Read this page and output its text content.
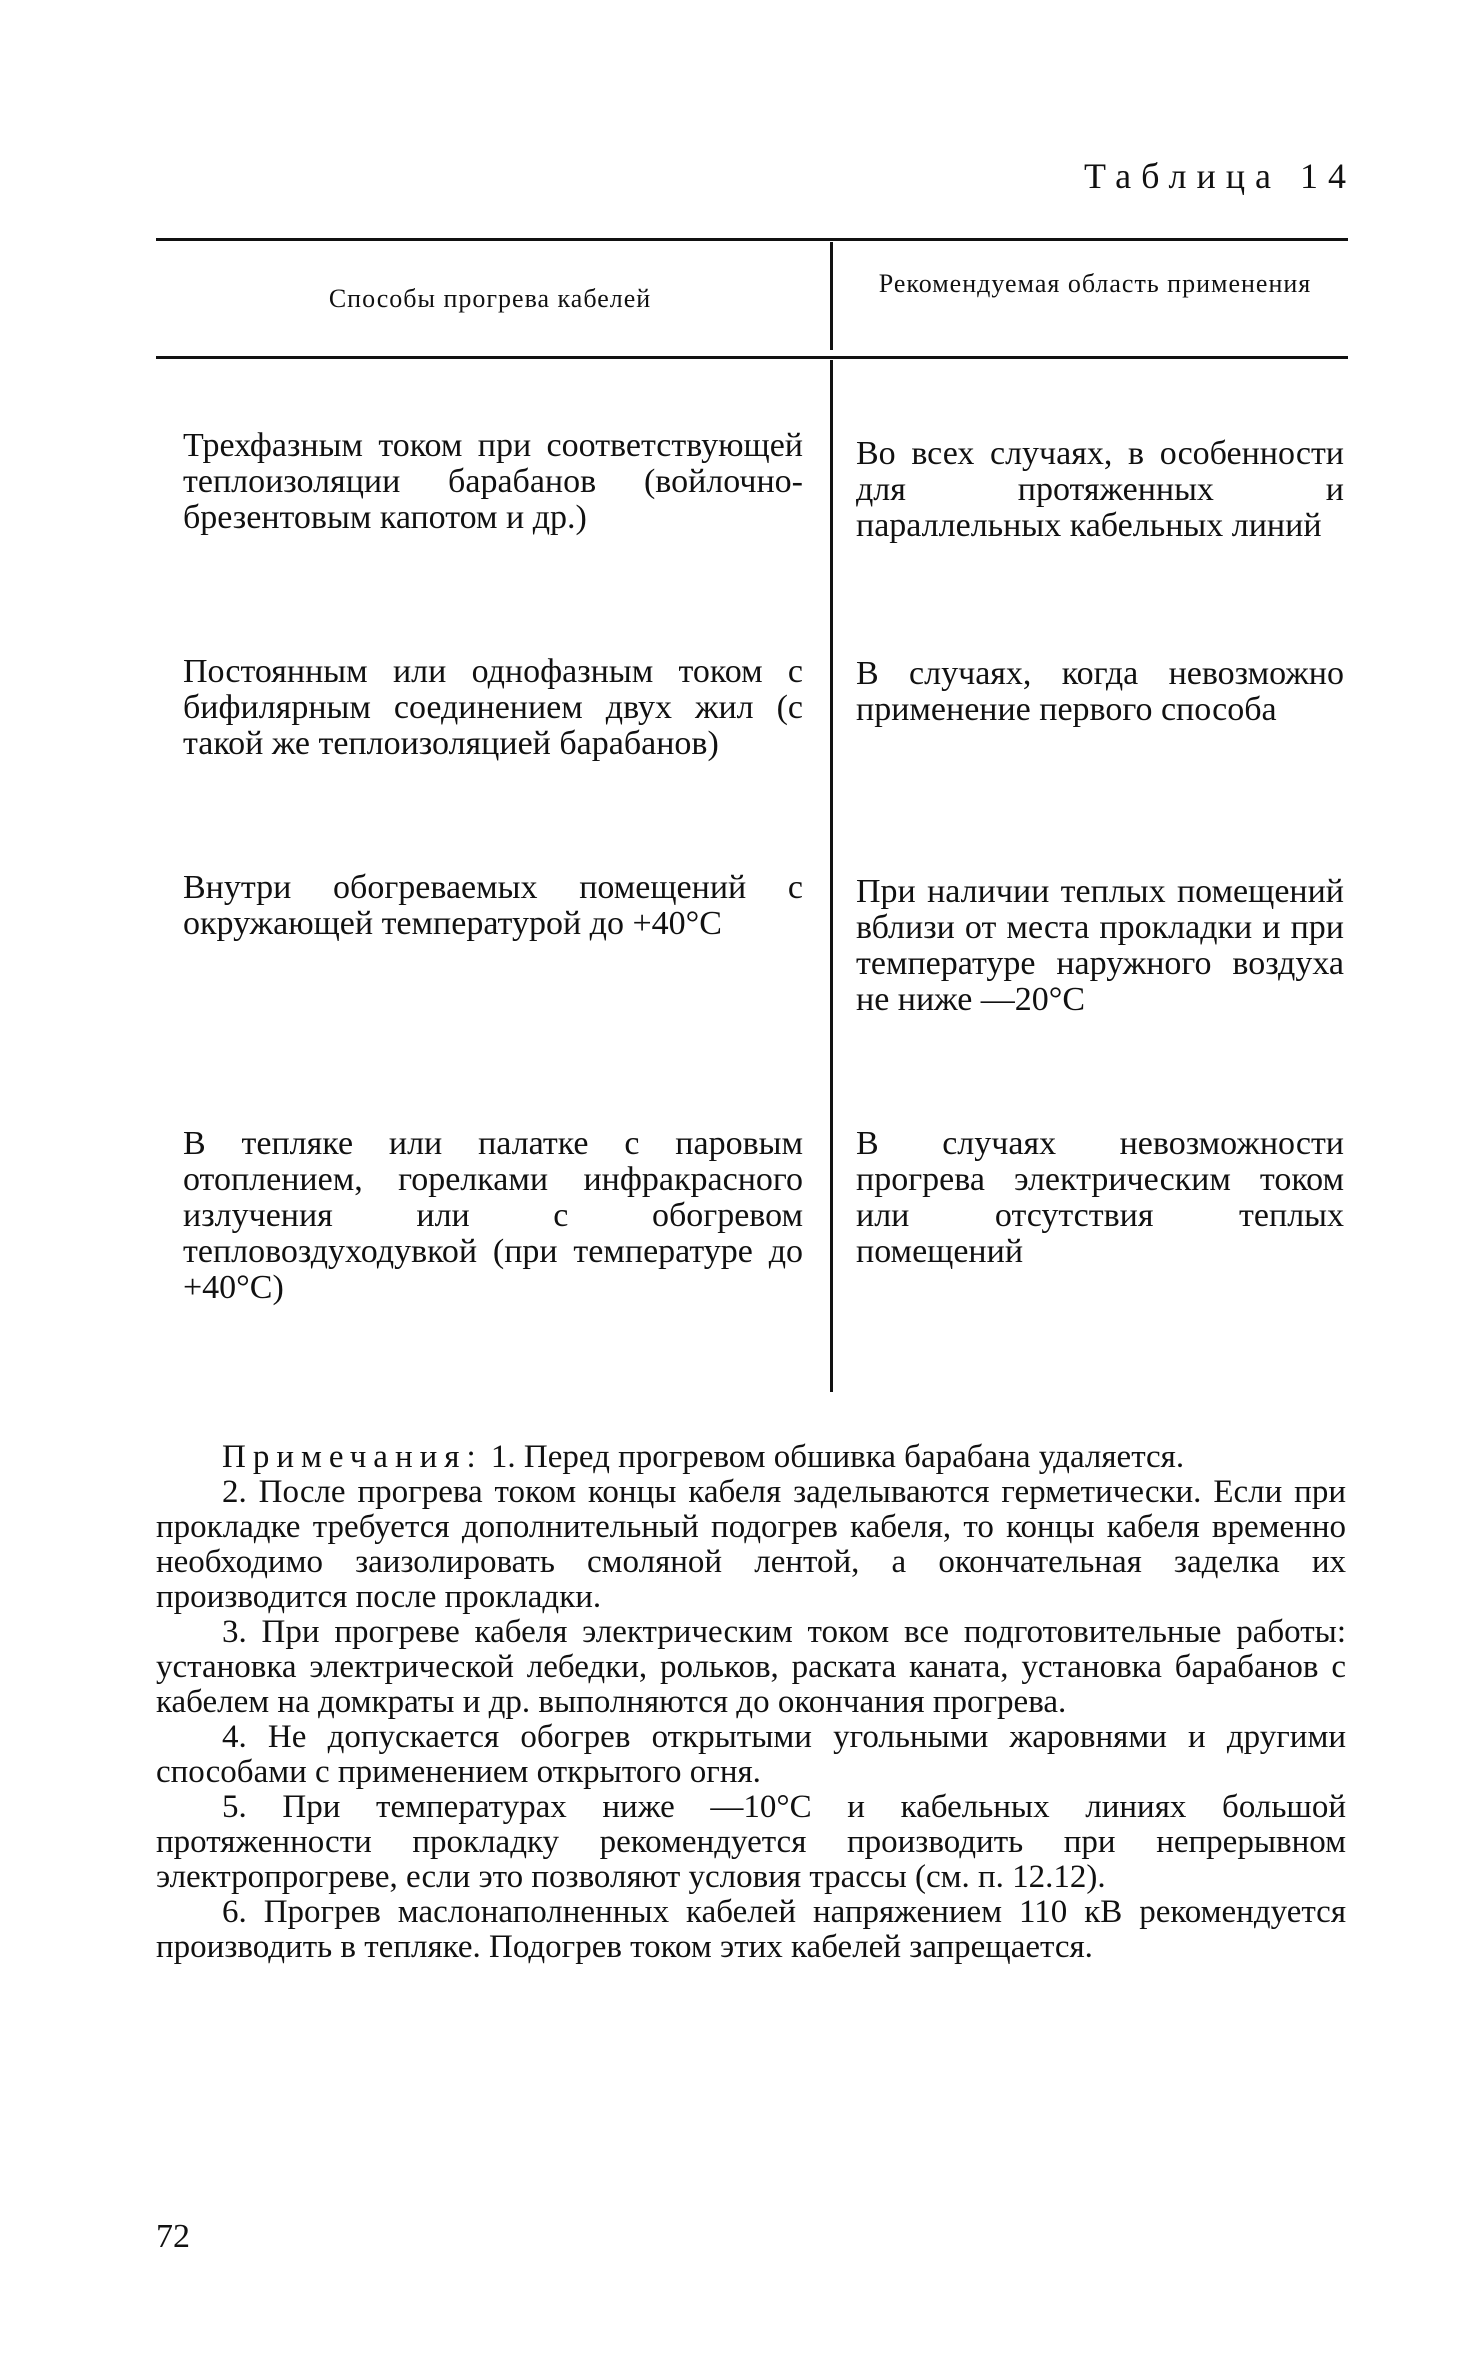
Таблица 14
Способы прогрева кабелей
Рекомендуемая область применения
Трехфазным током при соответствующей теплоизоляции барабанов (войлочно-брезентовым капотом и др.)
Во всех случаях, в особенности для протяженных и параллельных кабельных линий
Постоянным или однофазным током с бифилярным соединением двух жил (с такой же теплоизоляцией барабанов)
В случаях, когда невозможно применение первого способа
Внутри обогреваемых помещений с окружающей температурой до +40°С
При наличии теплых помещений вблизи от места прокладки и при температуре наружного воздуха не ниже —20°С
В тепляке или палатке с паровым отоплением, горелками инфракрасного излучения или с обогревом тепловоздуходувкой (при температуре до +40°С)
В случаях невозможности прогрева электрическим током или отсутствия теплых помещений

Примечания: 1. Перед прогревом обшивка барабана удаляется.

2. После прогрева током концы кабеля заделываются герметически. Если при прокладке требуется дополнительный подогрев кабеля, то концы кабеля временно необходимо заизолировать смоляной лентой, а окончательная заделка их производится после прокладки.

3. При прогреве кабеля электрическим током все подготовительные работы: установка электрической лебедки, рольков, раската каната, установка барабанов с кабелем на домкраты и др. выполняются до окончания прогрева.

4. Не допускается обогрев открытыми угольными жаровнями и другими способами с применением открытого огня.

5. При температурах ниже —10°С и кабельных линиях большой протяженности прокладку рекомендуется производить при непрерывном электропрогреве, если это позволяют условия трассы (см. п. 12.12).

6. Прогрев маслонаполненных кабелей напряжением 110 кВ рекомендуется производить в тепляке. Подогрев током этих кабелей запрещается.

72
